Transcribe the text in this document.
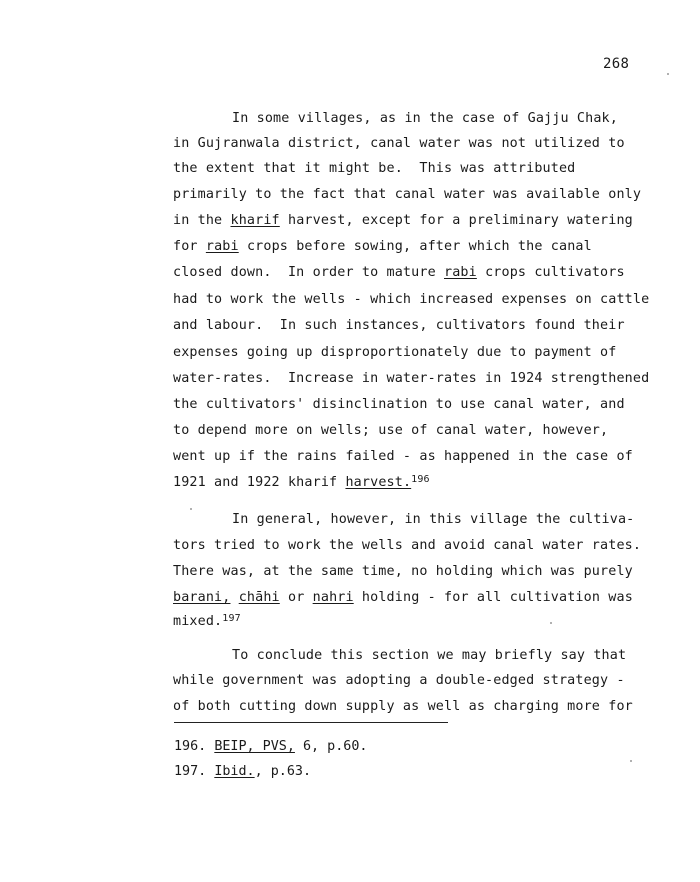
268
In some villages, as in the case of Gajju Chak,
in Gujranwala district, canal water was not utilized to
the extent that it might be.  This was attributed
primarily to the fact that canal water was available only
in the kharif harvest, except for a preliminary watering
for rabi crops before sowing, after which the canal
closed down.  In order to mature rabi crops cultivators
had to work the wells - which increased expenses on cattle
and labour.  In such instances, cultivators found their
expenses going up disproportionately due to payment of
water-rates.  Increase in water-rates in 1924 strengthened
the cultivators' disinclination to use canal water, and
to depend more on wells; use of canal water, however,
went up if the rains failed - as happened in the case of
1921 and 1922 kharif harvest.$^{196}$
In general, however, in this village the cultiva-
tors tried to work the wells and avoid canal water rates.
There was, at the same time, no holding which was purely
barani, chāhi or nahri holding - for all cultivation was
mixed.$^{197}$
To conclude this section we may briefly say that
while government was adopting a double-edged strategy -
of both cutting down supply as well as charging more for
196. BEIP, PVS, 6, p.60.
197. Ibid., p.63.
